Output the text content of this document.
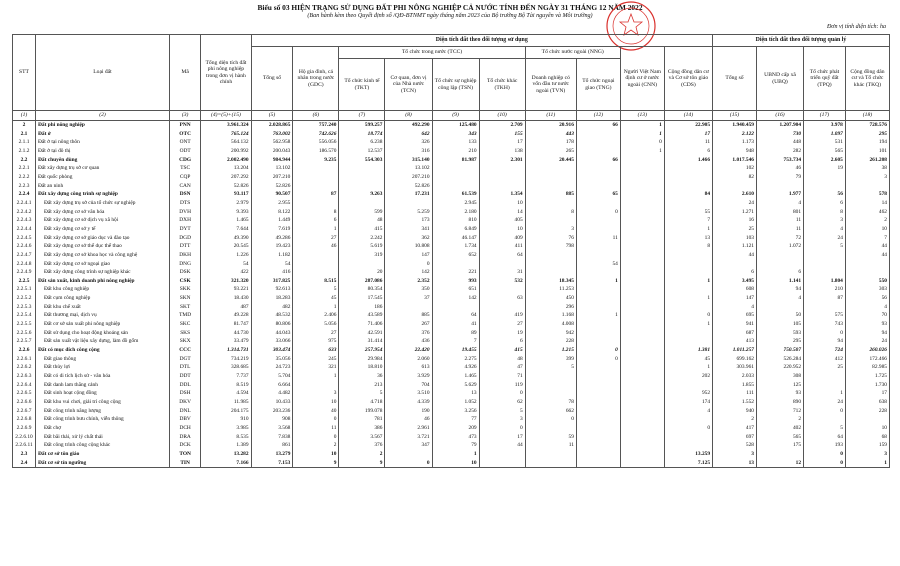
Biểu số 03 HIỆN TRẠNG SỬ DỤNG ĐẤT PHI NÔNG NGHIỆP CẢ NƯỚC TÍNH ĐẾN NGÀY 31 THÁNG 12 NĂM 2022
(Ban hành kèm theo Quyết định số /QĐ-BTNMT ngày tháng năm 2023 của Bộ trưởng Bộ Tài nguyên và Môi trường)
Đơn vị tính diện tích: ha
STT	Loại đất	Mã	Tổng diện tích đất phi nông nghiệp trong đơn vị hành chính	Diện tích đất theo đối tượng sử dụng										Diện tích đất theo đối tượng quản lý			
				Tổng số	Hộ gia đình, cá nhân trong nước (GDC)	Tổ chức trong nước (TCC)				Tổ chức nước ngoài (NNG)		Người Việt Nam định cư ở nước ngoài (CNN)	Cộng đồng dân cư và Cơ sở tôn giáo (CDS)	Tổng số	UBND cấp xã (UBQ)	Tổ chức phát triển quỹ đất (TPQ)	Cộng đồng dân cư và Tổ chức khác (TKQ)
						Tổ chức kinh tế (TKT)	Cơ quan, đơn vị của Nhà nước (TCN)	Tổ chức sự nghiệp công lập (TSN)	Tổ chức khác (TKH)	Doanh nghiệp có vốn đầu tư nước ngoài (TVN)	Tổ chức ngoại giao (TNG)						
(1)	(2)	(3)	(4)=(5)+(15)	(5)	(6)	(7)	(8)	(9)	(10)	(11)	(12)	(13)	(14)	(15)	(16)	(17)	(18)
2	Đất phi nông nghiệp	PNN	3.961.324	2.028.865	757.240	599.257	492.290	125.480	2.709	20.916	66	1	22.905	1.940.459	1.207.904	3.978	728.576
2.1	Đất ở	OTC	765.124	763.002	742.626	18.774	642	343	155	443		1	17	2.122	730	1.097	295
2.1.1	Đất ở tại nông thôn	ONT	564.132	562.958	556.056	6.238	326	133	17	178		0	11	1.173	448	531	194
2.1.2	Đất ở tại đô thị	ODT	200.992	200.043	186.570	12.537	316	210	138	265		1	6	948	282	565	101
2.2	Đất chuyên dùng	CDG	2.002.490	984.944	9.235	554.303	315.140	81.987	2.301	20.445	66		1.466	1.017.546	753.734	2.605	261.208
2.2.1	Đất xây dựng trụ sở cơ quan	TSC	13.204	13.102			13.102							102	46	19	38
2.2.2	Đất quốc phòng	CQP	207.292	207.210			207.210							82	79		3
2.2.3	Đất an ninh	CAN	52.826	52.826			52.826										
2.2.4	Đất xây dựng công trình sự nghiệp	DSN	93.117	90.507	87	9.263	17.231	61.539	1.354	885	65		84	2.610	1.977	56	578
2.2.4.1	Đất xây dựng trụ sở của tổ chức sự nghiệp	DTS	2.979	2.955				2.945	10					24	4	6	14
2.2.4.2	Đất xây dựng cơ sở văn hóa	DVH	9.393	8.122	8	599	5.259	2.180	14	8	0		55	1.271	801	8	462
2.2.4.3	Đất xây dựng cơ sở dịch vụ xã hội	DXH	1.465	1.449	6	48	173	810	405				7	16	11	3	2
2.2.4.4	Đất xây dựng cơ sở y tế	DYT	7.644	7.619	1	415	341	6.849	10	3			1	25	11	4	10
2.2.4.5	Đất xây dựng cơ sở giáo dục và đào tạo	DGD	49.390	49.286	27	2.242	362	46.147	409	76	11		13	103	72	24	7
2.2.4.6	Đất xây dựng cơ sở thể dục thể thao	DTT	20.545	19.423	46	5.619	10.808	1.734	411	798			8	1.121	1.072	5	44
2.2.4.7	Đất xây dựng cơ sở khoa học và công nghệ	DKH	1.226	1.182		319	147	652	64					44			44
2.2.4.8	Đất xây dựng cơ sở ngoại giao	DNG	54	54			0				54						
2.2.4.9	Đất xây dựng công trình sự nghiệp khác	DSK	422	416		20	142	221	31					6	6		
2.2.5	Đất sản xuất, kinh doanh phi nông nghiệp	CSK	321.320	317.825	8.515	287.086	2.352	993	532	18.345	1		1	3.495	1.141	1.804	550
2.2.5.1	Đất khu công nghiệp	SKK	93.221	92.613	5	80.354	350	651		11.253				608	94	210	303
2.2.5.2	Đất cụm công nghiệp	SKN	18.430	18.283	45	17.545	37	142	63	450			1	147	4	87	56
2.2.5.3	Đất khu chế xuất	SKT	487	482	1	186				296				4			4
2.2.5.4	Đất thương mại, dịch vụ	TMD	49.228	48.532	2.406	43.589	885	64	419	1.168	1		0	695	50	575	70
2.2.5.5	Đất cơ sở sản xuất phi nông nghiệp	SKC	81.747	80.806	5.056	71.406	267	41	27	4.008			1	941	105	743	93
2.2.5.6	Đất sử dụng cho hoạt động khoáng sản	SKS	44.730	44.043	27	42.591	376	89	19	942				687	593	0	94
2.2.5.7	Đất sản xuất vật liệu xây dựng, làm đồ gốm	SKX	33.479	33.066	975	31.414	436	7	6	228				413	295	94	24
2.2.6	Đất có mục đích công cộng	CCC	1.314.731	303.474	633	257.954	22.420	19.455	415	1.215	0		1.381	1.011.257	750.507	724	260.026
2.2.6.1	Đất giao thông	DGT	734.219	35.056	245	29.984	2.060	2.275	48	399	0		45	699.162	526.284	412	172.466
2.2.6.2	Đất thủy lợi	DTL	328.685	24.723	321	18.810	613	4.926	47	5			1	303.961	220.952	25	82.985
2.2.6.3	Đất có di tích lịch sử - văn hóa	DDT	7.737	5.704	1	36	3.929	1.465	71				202	2.033	308		1.725
2.2.6.4	Đất danh lam thắng cảnh	DDL	8.519	6.664		213	704	5.629	119					1.855	125		1.730
2.2.6.5	Đất sinh hoạt cộng đồng	DSH	4.594	4.482	3	5	3.510	13	0				952	111	93	1	17
2.2.6.6	Đất khu vui chơi, giải trí công cộng	DKV	11.985	10.433	10	4.718	4.339	1.052	62	78			174	1.552	890	24	638
2.2.6.7	Đất công trình năng lượng	DNL	204.175	203.236	40	199.078	190	3.256	5	662			4	940	712	0	228
2.2.6.8	Đất công trình bưu chính, viễn thông	DBV	910	908	0	781	46	77	3	0				2	2		
2.2.6.9	Đất chợ	DCH	3.985	3.568	11	386	2.961	209	0				0	417	402	5	10
2.2.6.10	Đất bãi thải, xử lý chất thải	DRA	8.535	7.838	0	3.567	3.721	473	17	59				697	565	64	68
2.2.6.11	Đất công trình công cộng khác	DCK	1.389	861	2	376	347	79	44	11				528	175	193	159
2.3	Đất cơ sở tôn giáo	TON	13.282	13.279	10	2		1					13.259	3		0	3
2.4	Đất cơ sở tín ngưỡng	TIN	7.166	7.153	9	9	0	10					7.125	13	12	0	1
